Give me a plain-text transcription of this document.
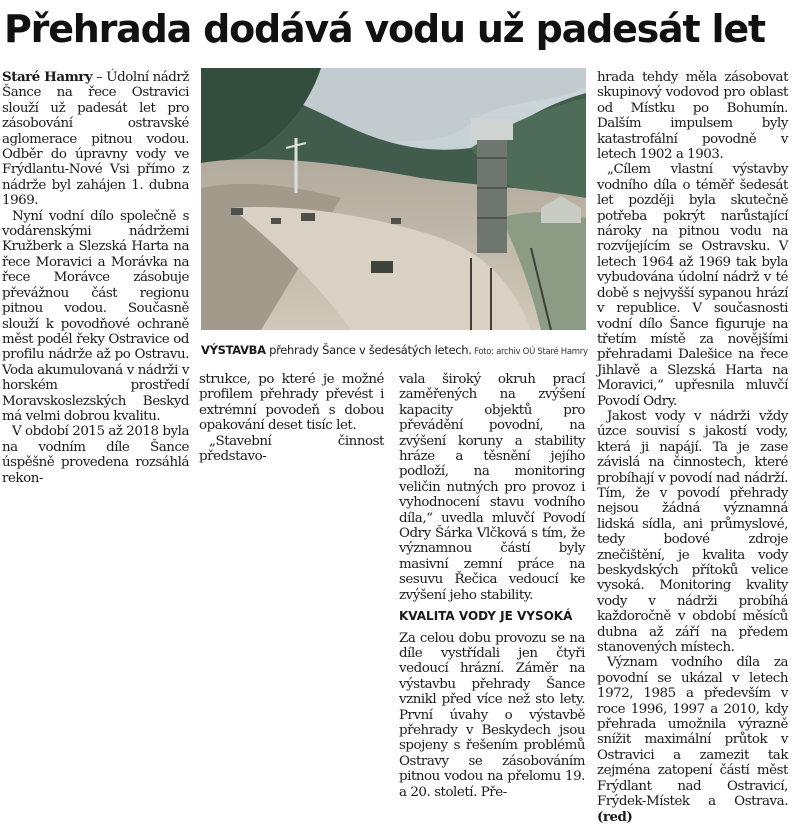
Přehrada dodává vodu už padesát let

Staré Hamry – Údolní nádrž Šance na řece Ostravici slouží už padesát let pro zásobování ostravské aglomerace pitnou vodou. Odběr do úpravny vody ve Frýdlantu-Nové Vsi přímo z nádrže byl zahájen 1. dubna 1969.

Nyní vodní dílo společně s vodárenskými nádržemi Kružberk a Slezská Harta na řece Moravici a Morávka na řece Morávce zásobuje převážnou část regionu pitnou vodou. Současně slouží k povodňové ochraně měst podél řeky Ostravice od profilu nádrže až po Ostravu. Voda akumulovaná v nádrži v horském prostředí Moravskoslezských Beskyd má velmi dobrou kvalitu.

V období 2015 až 2018 byla na vodním díle Šance úspěšně provedena rozsáhlá rekon-

VÝSTAVBA přehrady Šance v šedesátých letech. Foto: archiv OÚ Staré Hamry

strukce, po které je možné profilem přehrady převést i extrémní povodeň s dobou opakování deset tisíc let.

„Stavební činnost představo-

vala široký okruh prací zaměřených na zvýšení kapacity objektů pro převádění povodní, na zvýšení koruny a stability hráze a těsnění jejího podloží, na monitoring veličin nutných pro provoz i vyhodnocení stavu vodního díla,“ uvedla mluvčí Povodí Odry Šárka Vlčková s tím, že významnou částí byly masivní zemní práce na sesuvu Řečica vedoucí ke zvýšení jeho stability.

KVALITA VODY JE VYSOKÁ

Za celou dobu provozu se na díle vystřídali jen čtyři vedoucí hrázní. Záměr na výstavbu přehrady Šance vznikl před více než sto lety. První úvahy o výstavbě přehrady v Beskydech jsou spojeny s řešením problémů Ostravy se zásobováním pitnou vodou na přelomu 19. a 20. století. Pře-

hrada tehdy měla zásobovat skupinový vodovod pro oblast od Místku po Bohumín. Dalším impulsem byly katastrofální povodně v letech 1902 a 1903.

„Cílem vlastní výstavby vodního díla o téměř šedesát let později byla skutečně potřeba pokrýt narůstající nároky na pitnou vodu na rozvíjejícím se Ostravsku. V letech 1964 až 1969 tak byla vybudována údolní nádrž v té době s nejvyšší sypanou hrází v republice. V současnosti vodní dílo Šance figuruje na třetím místě za novějšími přehradami Dalešice na řece Jihlavě a Slezská Harta na Moravici,“ upřesnila mluvčí Povodí Odry.

Jakost vody v nádrži vždy úzce souvisí s jakostí vody, která ji napájí. Ta je zase závislá na činnostech, které probíhají v povodí nad nádrží. Tím, že v povodí přehrady nejsou žádná významná lidská sídla, ani průmyslové, tedy bodové zdroje znečištění, je kvalita vody beskydských přítoků velice vysoká. Monitoring kvality vody v nádrži probíhá každoročně v období měsíců dubna až září na předem stanovených místech.

Význam vodního díla za povodní se ukázal v letech 1972, 1985 a především v roce 1996, 1997 a 2010, kdy přehrada umožnila výrazně snížit maximální průtok v Ostravici a zamezit tak zejména zatopení částí měst Frýdlant nad Ostravicí, Frýdek-Místek a Ostrava. (red)
